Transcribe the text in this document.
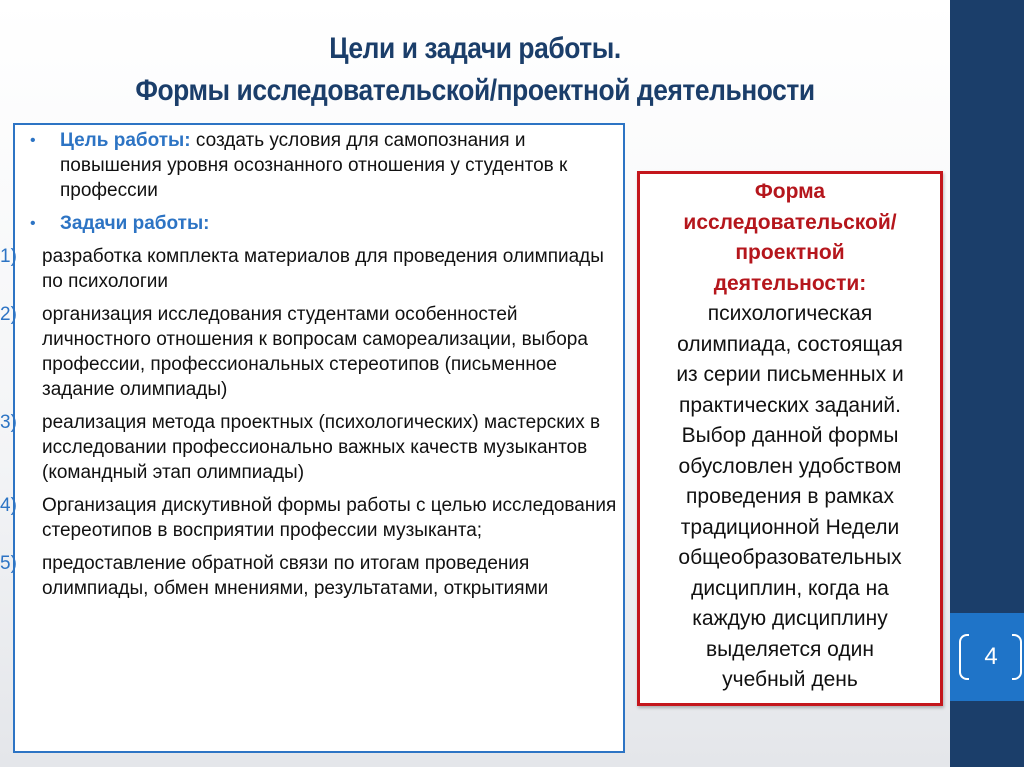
4
Цели и задачи работы.
Формы исследовательской/проектной деятельности
• Цель работы: создать условия для самопознания и повышения уровня осознанного отношения у студентов к профессии
• Задачи работы:
1) разработка комплекта материалов для проведения олимпиады по психологии
2) организация исследования студентами особенностей личностного отношения к вопросам самореализации, выбора профессии, профессиональных стереотипов (письменное задание олимпиады)
3) реализация метода проектных (психологических) мастерских в исследовании профессионально важных качеств музыкантов (командный этап олимпиады)
4) Организация дискутивной формы работы с целью исследования стереотипов в восприятии профессии музыканта;
5) предоставление обратной связи по итогам проведения олимпиады, обмен мнениями, результатами, открытиями
Форма
исследовательской/
проектной
деятельности:
психологическая
олимпиада, состоящая
из серии письменных и
практических заданий.
Выбор данной формы
обусловлен удобством
проведения в рамках
традиционной Недели
общеобразовательных
дисциплин, когда на
каждую дисциплину
выделяется один
учебный день
